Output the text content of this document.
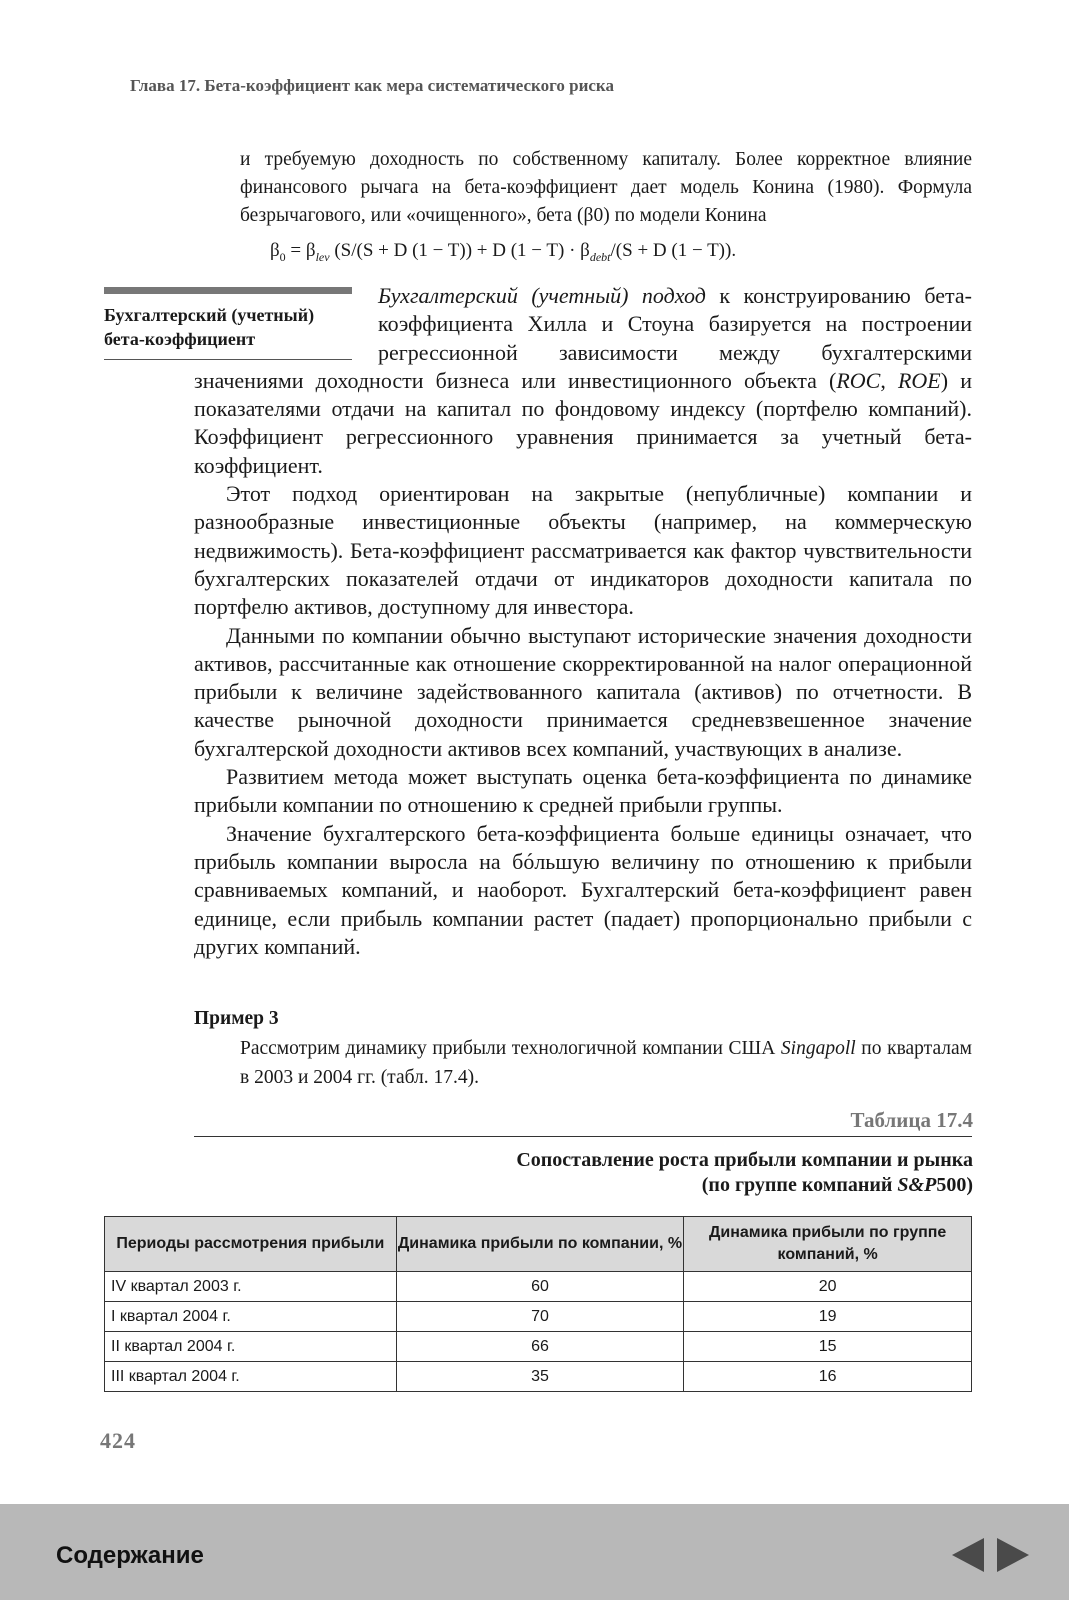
Глава 17. Бета-коэффициент как мера систематического риска
и требуемую доходность по собственному капиталу. Более корректное влияние финансового рычага на бета-коэффициент дает модель Конина (1980). Формула безрычагового, или «очищенного», бета (β0) по модели Конина
$\beta_0 = \beta_{lev}$ (S/(S + D (1 − T)) + D $(1 - T) \cdot \beta_{debt}/(S + D$ (1 − T)).
Бухгалтерский (учетный) бета-коэффициент

Бухгалтерский (учетный) подход к конструированию бета-коэффициента Хилла и Стоуна базируется на построении регрессионной зависимости между бухгалтерскими значениями доходности бизнеса или инвестиционного объекта (ROC, ROE) и показателями отдачи на капитал по фондовому индексу (портфелю компаний). Коэффициент регрессионного уравнения принимается за учетный бета-коэффициент.

Этот подход ориентирован на закрытые (непубличные) компании и разнообразные инвестиционные объекты (например, на коммерческую недвижимость). Бета-коэффициент рассматривается как фактор чувствительности бухгалтерских показателей отдачи от индикаторов доходности капитала по портфелю активов, доступному для инвестора.

Данными по компании обычно выступают исторические значения доходности активов, рассчитанные как отношение скорректированной на налог операционной прибыли к величине задействованного капитала (активов) по отчетности. В качестве рыночной доходности принимается средневзвешенное значение бухгалтерской доходности активов всех компаний, участвующих в анализе.

Развитием метода может выступать оценка бета-коэффициента по динамике прибыли компании по отношению к средней прибыли группы.

Значение бухгалтерского бета-коэффициента больше единицы означает, что прибыль компании выросла на бóльшую величину по отношению к прибыли сравниваемых компаний, и наоборот. Бухгалтерский бета-коэффициент равен единице, если прибыль компании растет (падает) пропорционально прибыли с других компаний.

Пример 3
Рассмотрим динамику прибыли технологичной компании США Singapoll по кварталам в 2003 и 2004 гг. (табл. 17.4).
Таблица 17.4
Сопоставление роста прибыли компании и рынка
(по группе компаний S&P500)
Периоды рассмотрения прибыли	Динамика прибыли по компании, %	Динамика прибыли по группе компаний, %
IV квартал 2003 г.	60	20
I квартал 2004 г.	70	19
II квартал 2004 г.	66	15
III квартал 2004 г.	35	16
424
Содержание
